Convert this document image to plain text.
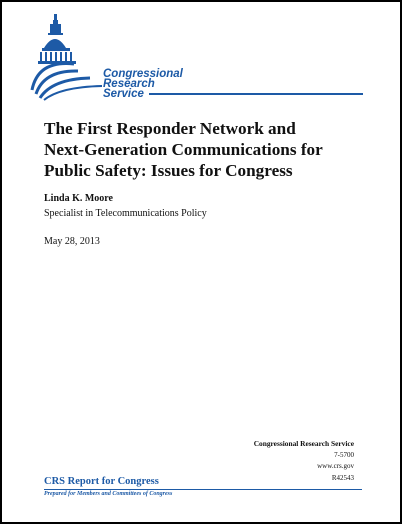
Congressional
Research
Service
The First Responder Network and
Next-Generation Communications for
Public Safety: Issues for Congress
Linda K. Moore
Specialist in Telecommunications Policy
May 28, 2013
Congressional Research Service
7-5700
www.crs.gov
R42543
CRS Report for Congress
Prepared for Members and Committees of Congress
